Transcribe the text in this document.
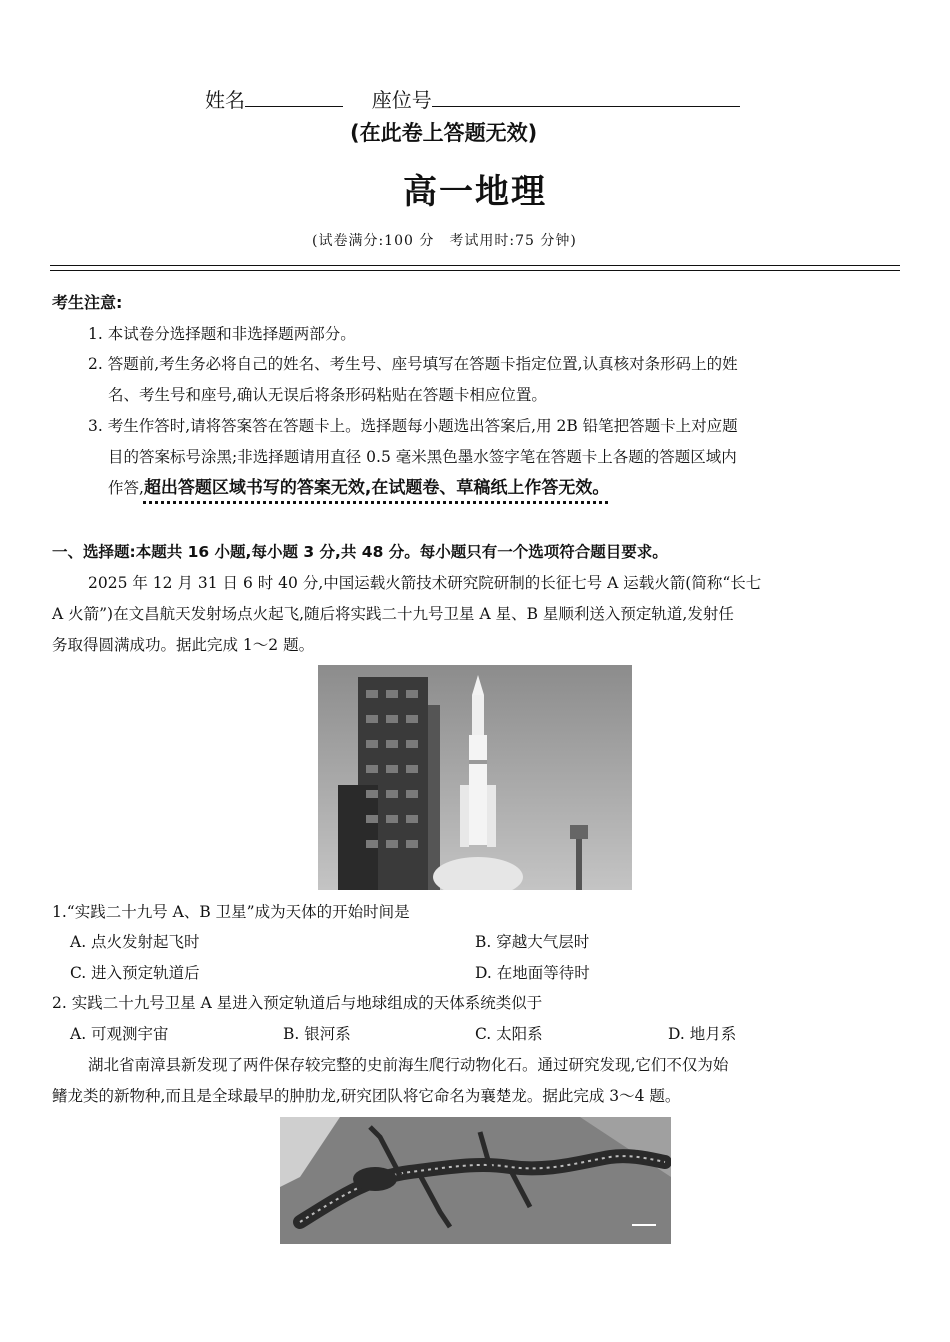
姓名	座位号
(在此卷上答题无效)
高一地理
(试卷满分:100 分　考试用时:75 分钟)
考生注意:
1. 本试卷分选择题和非选择题两部分。
2. 答题前,考生务必将自己的姓名、考生号、座号填写在答题卡指定位置,认真核对条形码上的姓
名、考生号和座号,确认无误后将条形码粘贴在答题卡相应位置。
3. 考生作答时,请将答案答在答题卡上。选择题每小题选出答案后,用 2B 铅笔把答题卡上对应题
目的答案标号涂黑;非选择题请用直径 0.5 毫米黑色墨水签字笔在答题卡上各题的答题区域内
作答,超出答题区域书写的答案无效,在试题卷、草稿纸上作答无效。
一、选择题:本题共 16 小题,每小题 3 分,共 48 分。每小题只有一个选项符合题目要求。
2025 年 12 月 31 日 6 时 40 分,中国运载火箭技术研究院研制的长征七号 A 运载火箭(简称“长七
A 火箭”)在文昌航天发射场点火起飞,随后将实践二十九号卫星 A 星、B 星顺利送入预定轨道,发射任
务取得圆满成功。据此完成 1～2 题。
1.“实践二十九号 A、B 卫星”成为天体的开始时间是
A. 点火发射起飞时	B. 穿越大气层时
C. 进入预定轨道后	D. 在地面等待时
2. 实践二十九号卫星 A 星进入预定轨道后与地球组成的天体系统类似于
A. 可观测宇宙	B. 银河系	C. 太阳系	D. 地月系
湖北省南漳县新发现了两件保存较完整的史前海生爬行动物化石。通过研究发现,它们不仅为始
鳍龙类的新物种,而且是全球最早的肿肋龙,研究团队将它命名为襄楚龙。据此完成 3～4 题。
